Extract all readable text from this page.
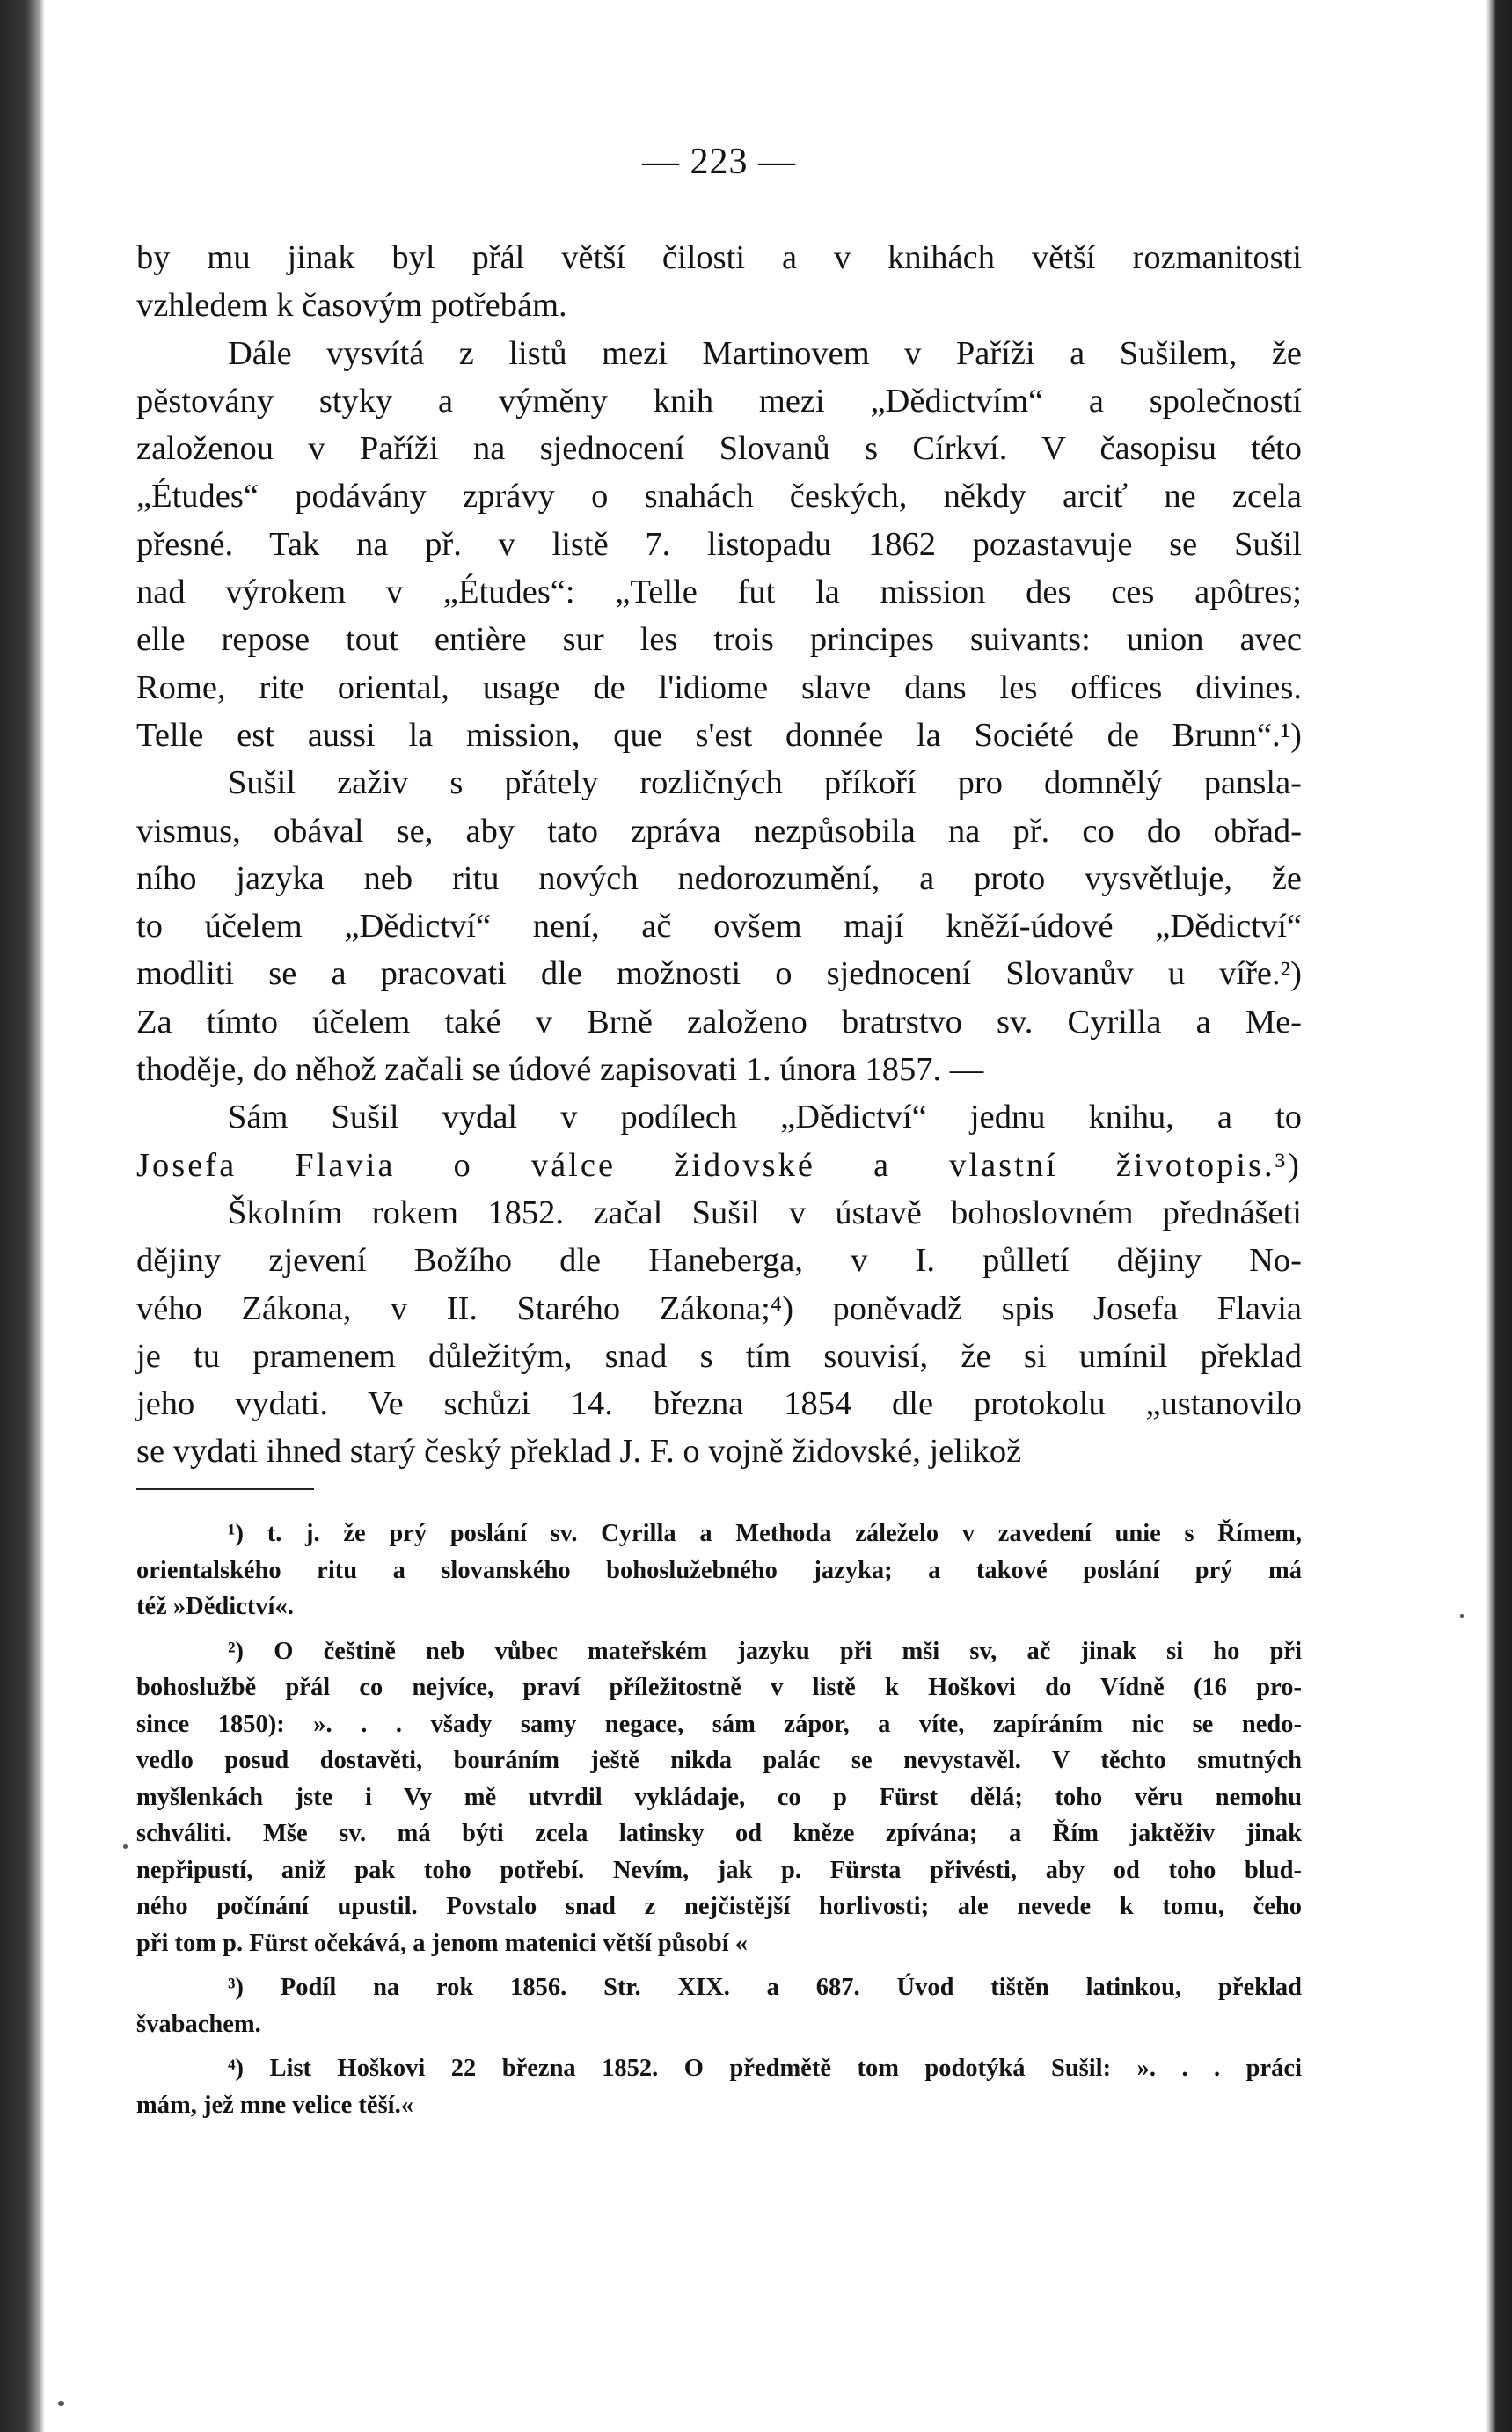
— 223 —
by mu jinak byl přál větší čilosti a v knihách větší rozmanitosti
vzhledem k časovým potřebám.
Dále vysvítá z listů mezi Martinovem v Paříži a Sušilem, že
pěstovány styky a výměny knih mezi „Dědictvím“ a společností
založenou v Paříži na sjednocení Slovanů s Církví. V časopisu této
„Études“ podávány zprávy o snahách českých, někdy arciť ne zcela
přesné. Tak na př. v listě 7. listopadu 1862 pozastavuje se Sušil
nad výrokem v „Études“: „Telle fut la mission des ces apôtres;
elle repose tout entière sur les trois principes suivants: union avec
Rome, rite oriental, usage de l'idiome slave dans les offices divines.
Telle est aussi la mission, que s'est donnée la Société de Brunn“.¹)
Sušil zaživ s přátely rozličných příkoří pro domnělý pansla-
vismus, obával se, aby tato zpráva nezpůsobila na př. co do obřad-
ního jazyka neb ritu nových nedorozumění, a proto vysvětluje, že
to účelem „Dědictví“ není, ač ovšem mají kněží-údové „Dědictví“
modliti se a pracovati dle možnosti o sjednocení Slovanův u víře.²)
Za tímto účelem také v Brně založeno bratrstvo sv. Cyrilla a Me-
thoděje, do něhož začali se údové zapisovati 1. února 1857. —
Sám Sušil vydal v podílech „Dědictví“ jednu knihu, a to
Josefa Flavia o válce židovské a vlastní životopis.³)
Školním rokem 1852. začal Sušil v ústavě bohoslovném přednášeti
dějiny zjevení Božího dle Haneberga, v I. půlletí dějiny No-
vého Zákona, v II. Starého Zákona;⁴) poněvadž spis Josefa Flavia
je tu pramenem důležitým, snad s tím souvisí, že si umínil překlad
jeho vydati. Ve schůzi 14. března 1854 dle protokolu „ustanovilo
se vydati ihned starý český překlad J. F. o vojně židovské, jelikož
¹) t. j. že prý poslání sv. Cyrilla a Methoda záleželo v zavedení unie s Římem,
orientalského ritu a slovanského bohoslužebného jazyka; a takové poslání prý má
též »Dědictví«.
²) O češtině neb vůbec mateřském jazyku při mši sv, ač jinak si ho při
bohoslužbě přál co nejvíce, praví příležitostně v listě k Hoškovi do Vídně (16 pro-
since 1850): ». . . všady samy negace, sám zápor, a víte, zapíráním nic se nedo-
vedlo posud dostavěti, bouráním ještě nikda palác se nevystavěl. V těchto smutných
myšlenkách jste i Vy mě utvrdil vykládaje, co p Fürst dělá; toho věru nemohu
schváliti. Mše sv. má býti zcela latinsky od kněze zpívána; a Řím jaktěživ jinak
nepřipustí, aniž pak toho potřebí. Nevím, jak p. Fürsta přivésti, aby od toho blud-
ného počínání upustil. Povstalo snad z nejčistější horlivosti; ale nevede k tomu, čeho
při tom p. Fürst očekává, a jenom matenici větší působí «
³) Podíl na rok 1856. Str. XIX. a 687. Úvod tištěn latinkou, překlad
švabachem.
⁴) List Hoškovi 22 března 1852. O předmětě tom podotýká Sušil: ». . . práci
mám, jež mne velice těší.«
